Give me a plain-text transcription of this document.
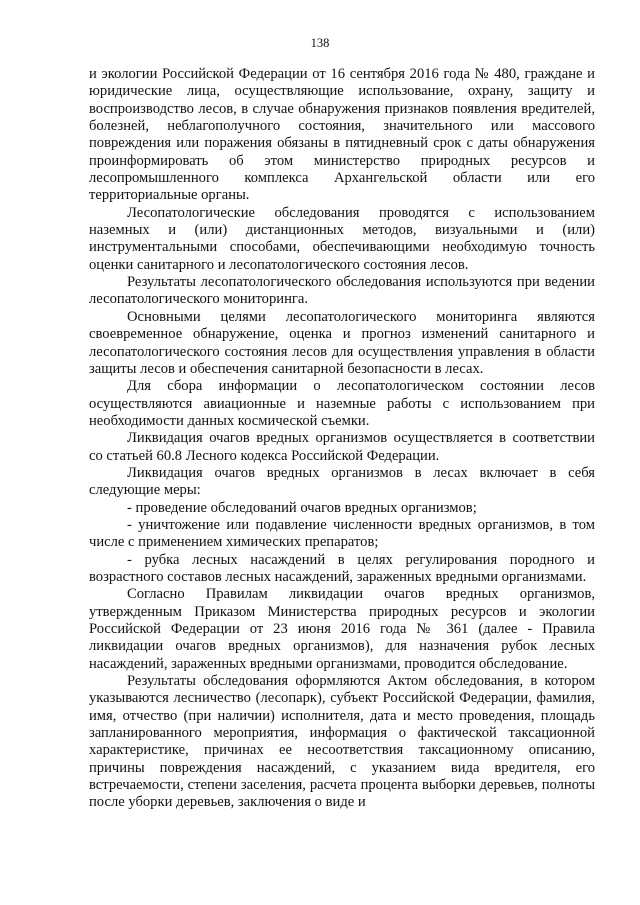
138

и экологии Российской Федерации от 16 сентября 2016 года № 480, граждане и юридические лица, осуществляющие использование, охрану, защиту и воспроизводство лесов, в случае обнаружения признаков появления вредителей, болезней, неблагополучного состояния, значительного или массового повреждения или поражения обязаны в пятидневный срок с даты обнаружения проинформировать об этом министерство природных ресурсов и лесопромышленного комплекса Архангельской области или его территориальные органы.

Лесопатологические обследования проводятся с использованием наземных и (или) дистанционных методов, визуальными и (или) инструментальными способами, обеспечивающими необходимую точность оценки санитарного и лесопатологического состояния лесов.

Результаты лесопатологического обследования используются при ведении лесопатологического мониторинга.

Основными целями лесопатологического мониторинга являются своевременное обнаружение, оценка и прогноз изменений санитарного и лесопатологического состояния лесов для осуществления управления в области защиты лесов и обеспечения санитарной безопасности в лесах.

Для сбора информации о лесопатологическом состоянии лесов осуществляются авиационные и наземные работы с использованием при необходимости данных космической съемки.

Ликвидация очагов вредных организмов осуществляется в соответствии со статьей 60.8 Лесного кодекса Российской Федерации.

Ликвидация очагов вредных организмов в лесах включает в себя следующие меры:

- проведение обследований очагов вредных организмов;

- уничтожение или подавление численности вредных организмов, в том числе с применением химических препаратов;

- рубка лесных насаждений в целях регулирования породного и возрастного составов лесных насаждений, зараженных вредными организмами.

Согласно Правилам ликвидации очагов вредных организмов, утвержденным Приказом Министерства природных ресурсов и экологии Российской Федерации от 23 июня 2016 года № 361 (далее - Правила ликвидации очагов вредных организмов), для назначения рубок лесных насаждений, зараженных вредными организмами, проводится обследование.

Результаты обследования оформляются Актом обследования, в котором указываются лесничество (лесопарк), субъект Российской Федерации, фамилия, имя, отчество (при наличии) исполнителя, дата и место проведения, площадь запланированного мероприятия, информация о фактической таксационной характеристике, причинах ее несоответствия таксационному описанию, причины повреждения насаждений, с указанием вида вредителя, его встречаемости, степени заселения, расчета процента выборки деревьев, полноты после уборки деревьев, заключения о виде и
